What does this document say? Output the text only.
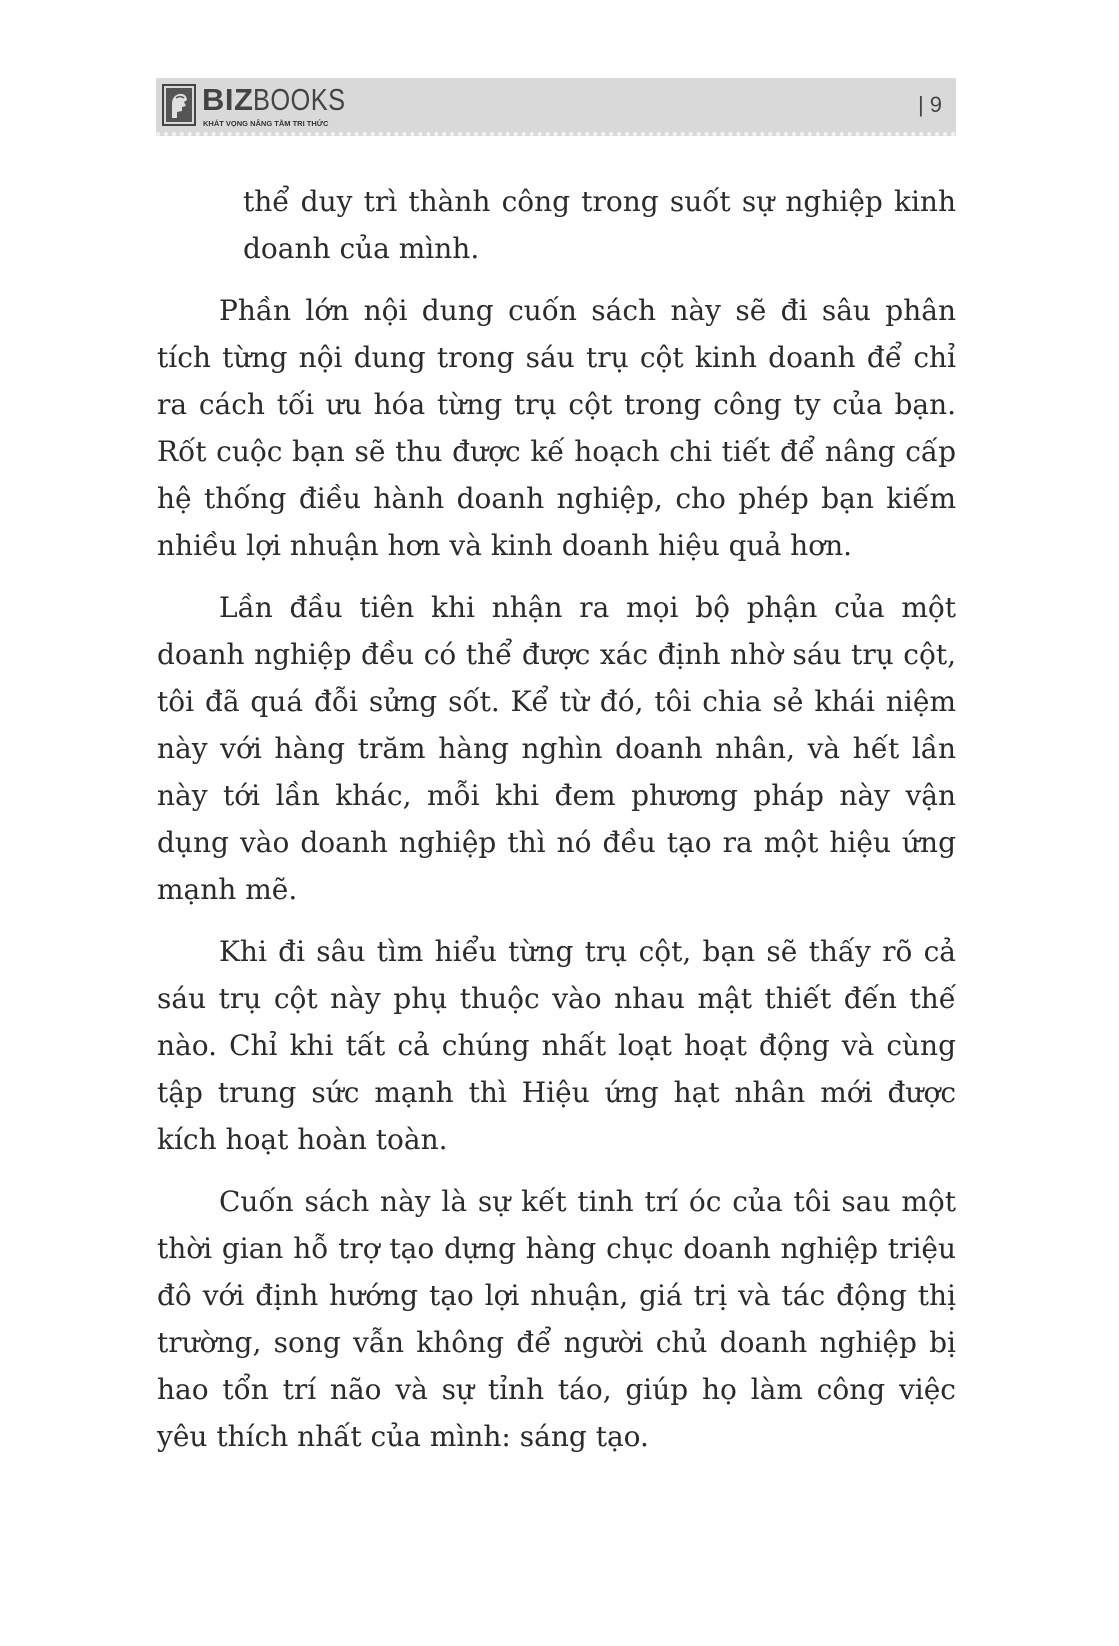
BIZBOOKS
KHÁT VỌNG NÂNG TẦM TRI THỨC
| 9

thể duy trì thành công trong suốt sự nghiệp kinh doanh của mình.

Phần lớn nội dung cuốn sách này sẽ đi sâu phân tích từng nội dung trong sáu trụ cột kinh doanh để chỉ ra cách tối ưu hóa từng trụ cột trong công ty của bạn. Rốt cuộc bạn sẽ thu được kế hoạch chi tiết để nâng cấp hệ thống điều hành doanh nghiệp, cho phép bạn kiếm nhiều lợi nhuận hơn và kinh doanh hiệu quả hơn.

Lần đầu tiên khi nhận ra mọi bộ phận của một doanh nghiệp đều có thể được xác định nhờ sáu trụ cột, tôi đã quá đỗi sửng sốt. Kể từ đó, tôi chia sẻ khái niệm này với hàng trăm hàng nghìn doanh nhân, và hết lần này tới lần khác, mỗi khi đem phương pháp này vận dụng vào doanh nghiệp thì nó đều tạo ra một hiệu ứng mạnh mẽ.

Khi đi sâu tìm hiểu từng trụ cột, bạn sẽ thấy rõ cả sáu trụ cột này phụ thuộc vào nhau mật thiết đến thế nào. Chỉ khi tất cả chúng nhất loạt hoạt động và cùng tập trung sức mạnh thì Hiệu ứng hạt nhân mới được kích hoạt hoàn toàn.

Cuốn sách này là sự kết tinh trí óc của tôi sau một thời gian hỗ trợ tạo dựng hàng chục doanh nghiệp triệu đô với định hướng tạo lợi nhuận, giá trị và tác động thị trường, song vẫn không để người chủ doanh nghiệp bị hao tổn trí não và sự tỉnh táo, giúp họ làm công việc yêu thích nhất của mình: sáng tạo.
